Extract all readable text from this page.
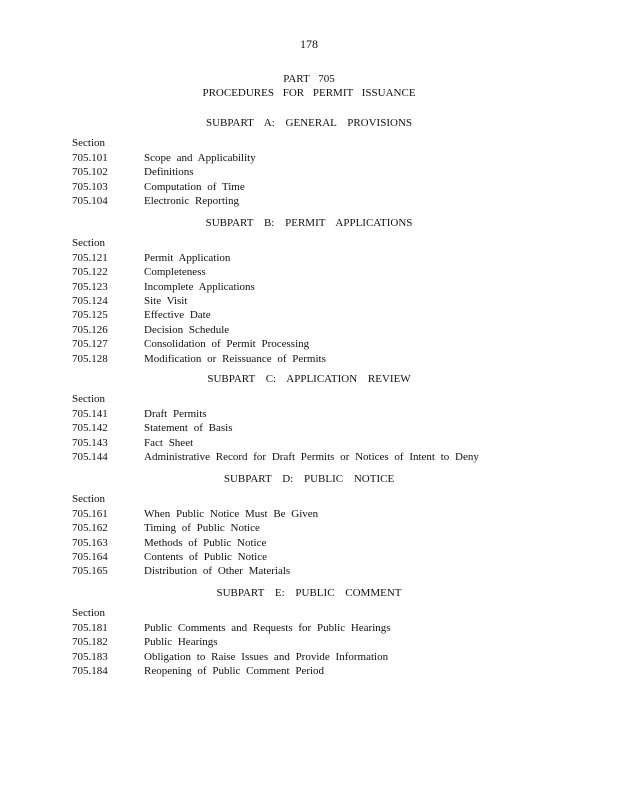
178
PART 705
PROCEDURES FOR PERMIT ISSUANCE
SUBPART A: GENERAL PROVISIONS
Section
705.101	Scope and Applicability
705.102	Definitions
705.103	Computation of Time
705.104	Electronic Reporting
SUBPART B: PERMIT APPLICATIONS
Section
705.121	Permit Application
705.122	Completeness
705.123	Incomplete Applications
705.124	Site Visit
705.125	Effective Date
705.126	Decision Schedule
705.127	Consolidation of Permit Processing
705.128	Modification or Reissuance of Permits
SUBPART C: APPLICATION REVIEW
Section
705.141	Draft Permits
705.142	Statement of Basis
705.143	Fact Sheet
705.144	Administrative Record for Draft Permits or Notices of Intent to Deny
SUBPART D: PUBLIC NOTICE
Section
705.161	When Public Notice Must Be Given
705.162	Timing of Public Notice
705.163	Methods of Public Notice
705.164	Contents of Public Notice
705.165	Distribution of Other Materials
SUBPART E: PUBLIC COMMENT
Section
705.181	Public Comments and Requests for Public Hearings
705.182	Public Hearings
705.183	Obligation to Raise Issues and Provide Information
705.184	Reopening of Public Comment Period
